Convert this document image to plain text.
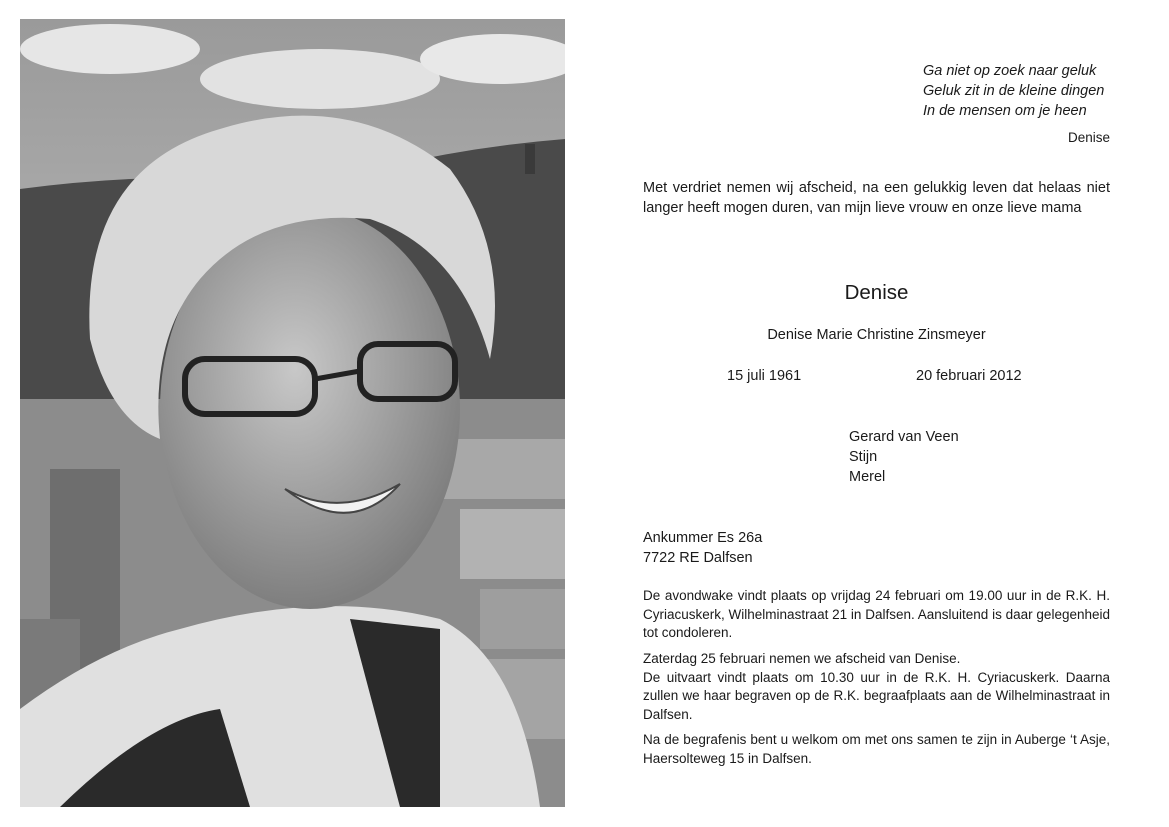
Ga niet op zoek naar geluk
Geluk zit in de kleine dingen
In de mensen om je heen
Denise
Met verdriet nemen wij afscheid, na een gelukkig leven dat helaas niet langer heeft mogen duren, van mijn lieve vrouw en onze lieve mama
Denise
Denise Marie Christine Zinsmeyer
15 juli 1961	20 februari 2012
Gerard van Veen
Stijn
Merel
Ankummer Es 26a
7722 RE Dalfsen
De avondwake vindt plaats op vrijdag 24 februari om 19.00 uur in de R.K. H. Cyriacuskerk, Wilhelminastraat 21 in Dalfsen. Aansluitend is daar gelegenheid tot condoleren.
Zaterdag 25 februari nemen we afscheid van Denise.
De uitvaart vindt plaats om 10.30 uur in de R.K. H. Cyriacuskerk. Daarna zullen we haar begraven op de R.K. begraafplaats aan de Wilhelminastraat in Dalfsen.
Na de begrafenis bent u welkom om met ons samen te zijn in Auberge ‘t Asje, Haersolteweg 15 in Dalfsen.
